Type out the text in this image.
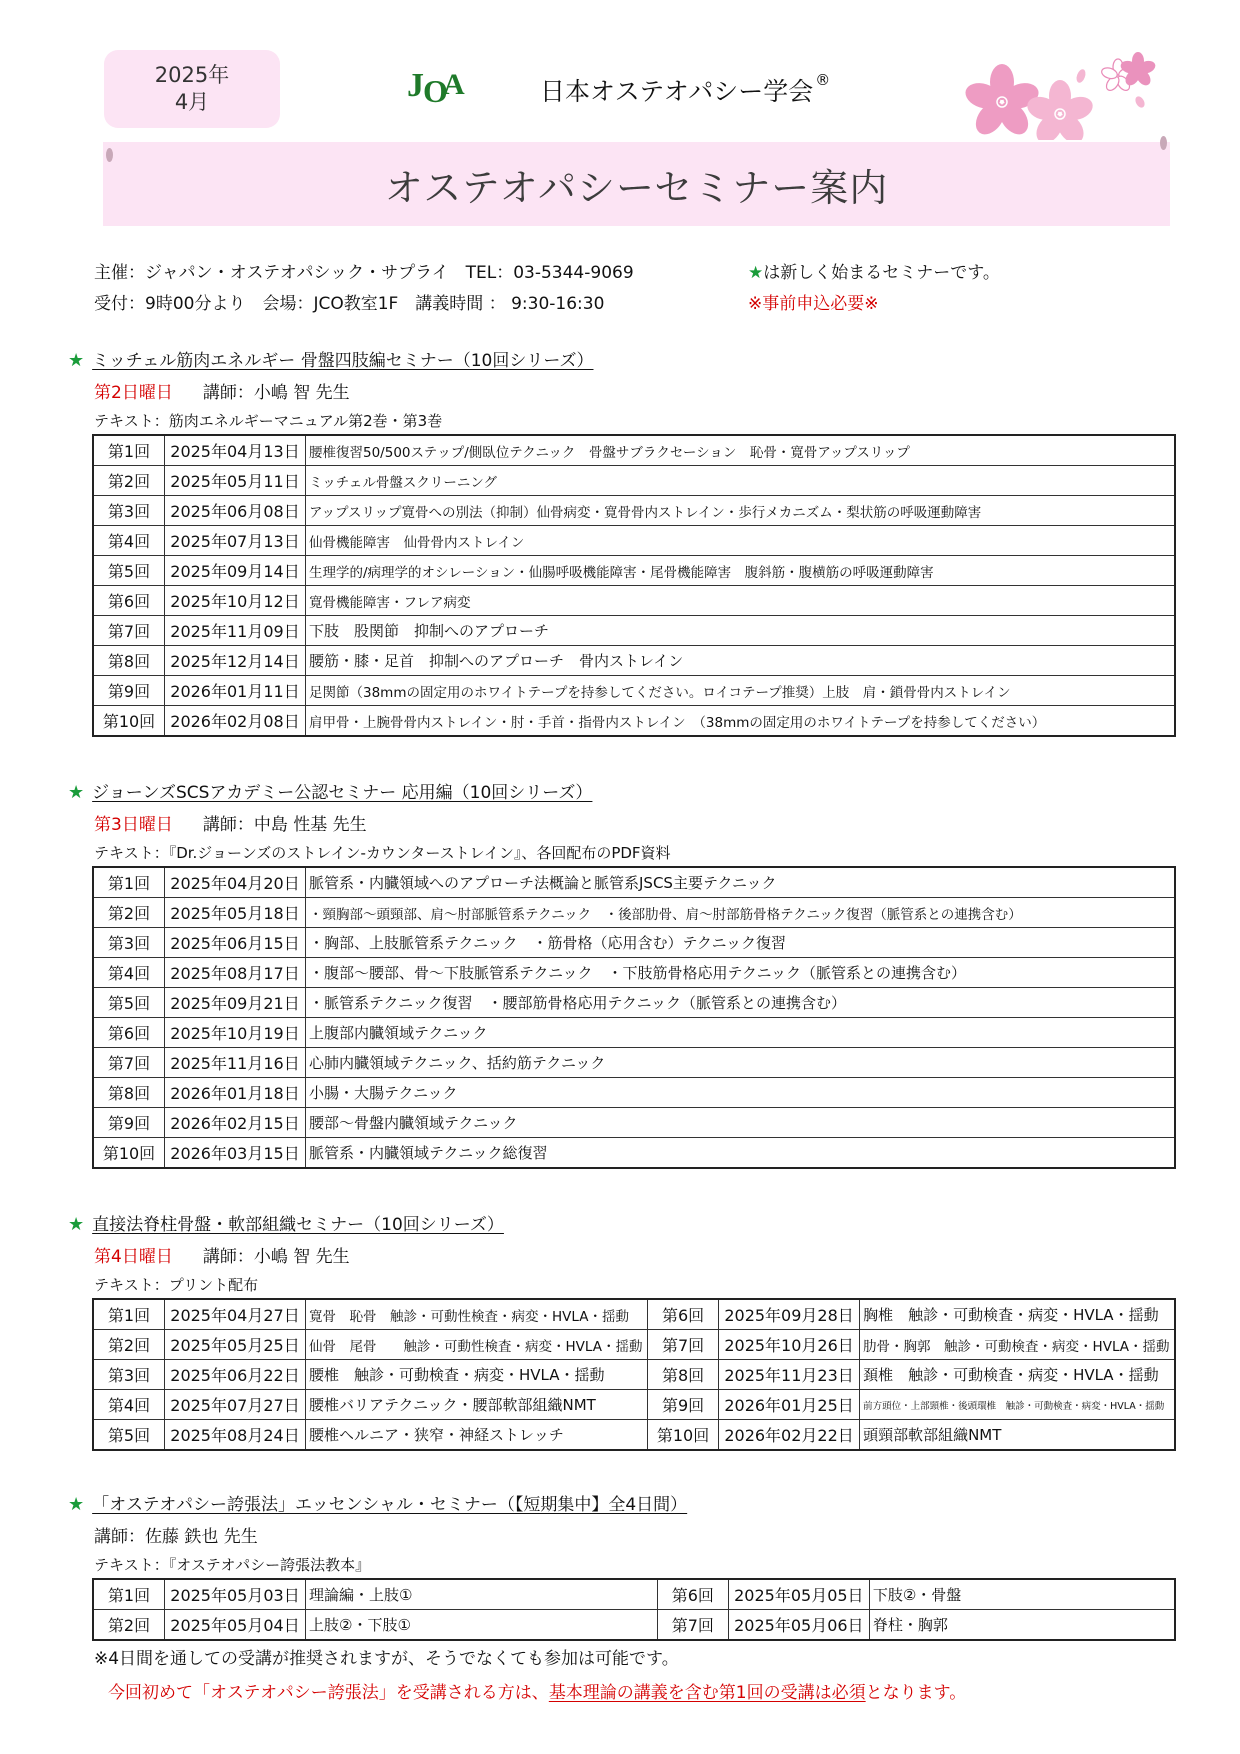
2025年
4月	J O
A	日本オステオパシー学会 ®
オステオパシーセミナー案内
主催：ジャパン・オステオパシック・サプライ　TEL：03-5344-9069
受付：9時00分より　会場：JCO教室1F　講義時間 ： 9:30-16:30
★は新しく始まるセミナーです。
※事前申込必要※
★ ミッチェル筋肉エネルギー 骨盤四肢編セミナー（10回シリーズ）
第2日曜日 講師：小嶋 智 先生
テキスト：筋肉エネルギーマニュアル第2巻・第3巻
第1回	2025年04月13日	腰椎復習50/500ステップ/側臥位テクニック　骨盤サブラクセーション　恥骨・寛骨アップスリップ
第2回	2025年05月11日	ミッチェル骨盤スクリーニング
第3回	2025年06月08日	アップスリップ寛骨への別法（抑制）仙骨病変・寛骨骨内ストレイン・歩行メカニズム・梨状筋の呼吸運動障害
第4回	2025年07月13日	仙骨機能障害　仙骨骨内ストレイン
第5回	2025年09月14日	生理学的/病理学的オシレーション・仙腸呼吸機能障害・尾骨機能障害　腹斜筋・腹横筋の呼吸運動障害
第6回	2025年10月12日	寛骨機能障害・フレア病変
第7回	2025年11月09日	下肢　股関節　抑制へのアプローチ
第8回	2025年12月14日	腰筋・膝・足首　抑制へのアプローチ　骨内ストレイン
第9回	2026年01月11日	足関節（38mmの固定用のホワイトテープを持参してください。ロイコテープ推奨）上肢　肩・鎖骨骨内ストレイン
第10回	2026年02月08日	肩甲骨・上腕骨骨内ストレイン・肘・手首・指骨内ストレイン　（38mmの固定用のホワイトテープを持参してください）
★ ジョーンズSCSアカデミー公認セミナー 応用編（10回シリーズ）
第3日曜日 講師：中島 性基 先生
テキスト：『Dr.ジョーンズのストレイン-カウンターストレイン』、各回配布のPDF資料
第1回	2025年04月20日	脈管系・内臓領域へのアプローチ法概論と脈管系JSCS主要テクニック
第2回	2025年05月18日	・頸胸部～頭頸部、肩～肘部脈管系テクニック　・後部肋骨、肩～肘部筋骨格テクニック復習（脈管系との連携含む）
第3回	2025年06月15日	・胸部、上肢脈管系テクニック　・筋骨格（応用含む）テクニック復習
第4回	2025年08月17日	・腹部～腰部、骨～下肢脈管系テクニック　・下肢筋骨格応用テクニック（脈管系との連携含む）
第5回	2025年09月21日	・脈管系テクニック復習　・腰部筋骨格応用テクニック（脈管系との連携含む）
第6回	2025年10月19日	上腹部内臓領域テクニック
第7回	2025年11月16日	心肺内臓領域テクニック、括約筋テクニック
第8回	2026年01月18日	小腸・大腸テクニック
第9回	2026年02月15日	腰部～骨盤内臓領域テクニック
第10回	2026年03月15日	脈管系・内臓領域テクニック総復習
★ 直接法脊柱骨盤・軟部組織セミナー（10回シリーズ）
第4日曜日 講師：小嶋 智 先生
テキスト：プリント配布
第1回	2025年04月27日	寛骨　恥骨　触診・可動性検査・病変・HVLA・揺動	第6回	2025年09月28日	胸椎　触診・可動検査・病変・HVLA・揺動
第2回	2025年05月25日	仙骨　尾骨　　触診・可動性検査・病変・HVLA・揺動	第7回	2025年10月26日	肋骨・胸郭　触診・可動検査・病変・HVLA・揺動
第3回	2025年06月22日	腰椎　触診・可動検査・病変・HVLA・揺動	第8回	2025年11月23日	頚椎　触診・可動検査・病変・HVLA・揺動
第4回	2025年07月27日	腰椎バリアテクニック・腰部軟部組織NMT	第9回	2026年01月25日	前方頭位・上部頸椎・後頭環椎　触診・可動検査・病変・HVLA・揺動
第5回	2025年08月24日	腰椎ヘルニア・狭窄・神経ストレッチ	第10回	2026年02月22日	頭頸部軟部組織NMT
★ 「オステオパシー誇張法」エッセンシャル・セミナー（【短期集中】全4日間）
講師：佐藤 鉄也 先生
テキスト：『オステオパシー誇張法教本』
第1回	2025年05月03日	理論編・上肢①	第6回	2025年05月05日	下肢②・骨盤
第2回	2025年05月04日	上肢②・下肢①	第7回	2025年05月06日	脊柱・胸郭
※4日間を通しての受講が推奨されますが、そうでなくても参加は可能です。
今回初めて「オステオパシー誇張法」を受講される方は、基本理論の講義を含む第1回の受講は必須となります。
